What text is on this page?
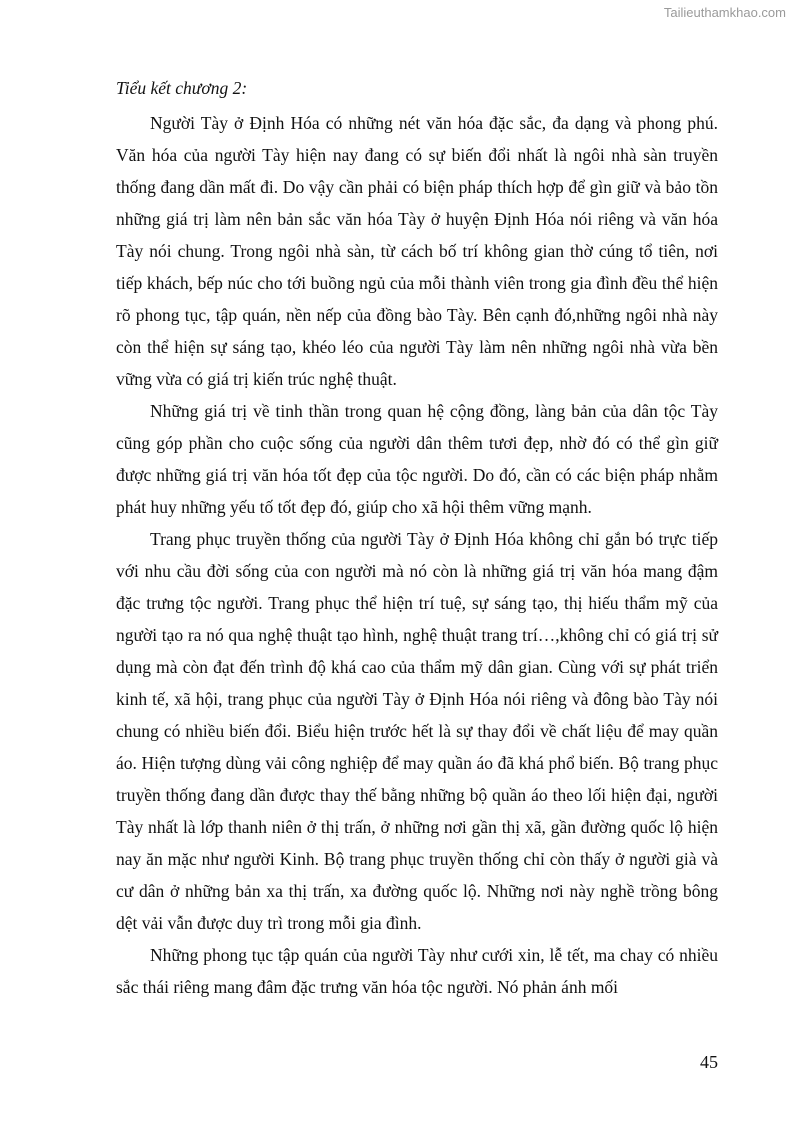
Tailieuthamkhao.com

Tiểu kết chương 2:

Người Tày ở Định Hóa có những nét văn hóa đặc sắc, đa dạng và phong phú. Văn hóa của người Tày hiện nay đang có sự biến đổi nhất là ngôi nhà sàn truyền thống đang dần mất đi. Do vậy cần phải có biện pháp thích hợp để gìn giữ và bảo tồn những giá trị làm nên bản sắc văn hóa Tày ở huyện Định Hóa nói riêng và văn hóa Tày nói chung. Trong ngôi nhà sàn, từ cách bố trí không gian thờ cúng tổ tiên, nơi tiếp khách, bếp núc cho tới buồng ngủ của mỗi thành viên trong gia đình đều thể hiện rõ phong tục, tập quán, nền nếp của đồng bào Tày. Bên cạnh đó,những ngôi nhà này còn thể hiện sự sáng tạo, khéo léo của người Tày làm nên những ngôi nhà vừa bền vững vừa có giá trị kiến trúc nghệ thuật.

Những giá trị về tinh thần trong quan hệ cộng đồng, làng bản của dân tộc Tày cũng góp phần cho cuộc sống của người dân thêm tươi đẹp, nhờ đó có thể gìn giữ được những giá trị văn hóa tốt đẹp của tộc người. Do đó, cần có các biện pháp nhằm phát huy những yếu tố tốt đẹp đó, giúp cho xã hội thêm vững mạnh.

Trang phục truyền thống của người Tày ở Định Hóa không chỉ gắn bó trực tiếp với nhu cầu đời sống của con người mà nó còn là những giá trị văn hóa mang đậm đặc trưng tộc người. Trang phục thể hiện trí tuệ, sự sáng tạo, thị hiếu thẩm mỹ của người tạo ra nó qua nghệ thuật tạo hình, nghệ thuật trang trí…,không chỉ có giá trị sử dụng mà còn đạt đến trình độ khá cao của thẩm mỹ dân gian. Cùng với sự phát triển kinh tế, xã hội, trang phục của người Tày ở Định Hóa nói riêng và đông bào Tày nói chung có nhiều biến đổi. Biểu hiện trước hết là sự thay đổi về chất liệu để may quần áo. Hiện tượng dùng vải công nghiệp để may quần áo đã khá phổ biến. Bộ trang phục truyền thống đang dần được thay thế bằng những bộ quần áo theo lối hiện đại, người Tày nhất là lớp thanh niên ở thị trấn, ở những nơi gần thị xã, gần đường quốc lộ hiện nay ăn mặc như người Kinh. Bộ trang phục truyền thống chỉ còn thấy ở người già và cư dân ở những bản xa thị trấn, xa đường quốc lộ. Những nơi này nghề trồng bông dệt vải vẫn được duy trì trong mỗi gia đình.

Những phong tục tập quán của người Tày như cưới xin, lễ tết, ma chay có nhiều sắc thái riêng mang đâm đặc trưng văn hóa tộc người. Nó phản ánh mối

45
